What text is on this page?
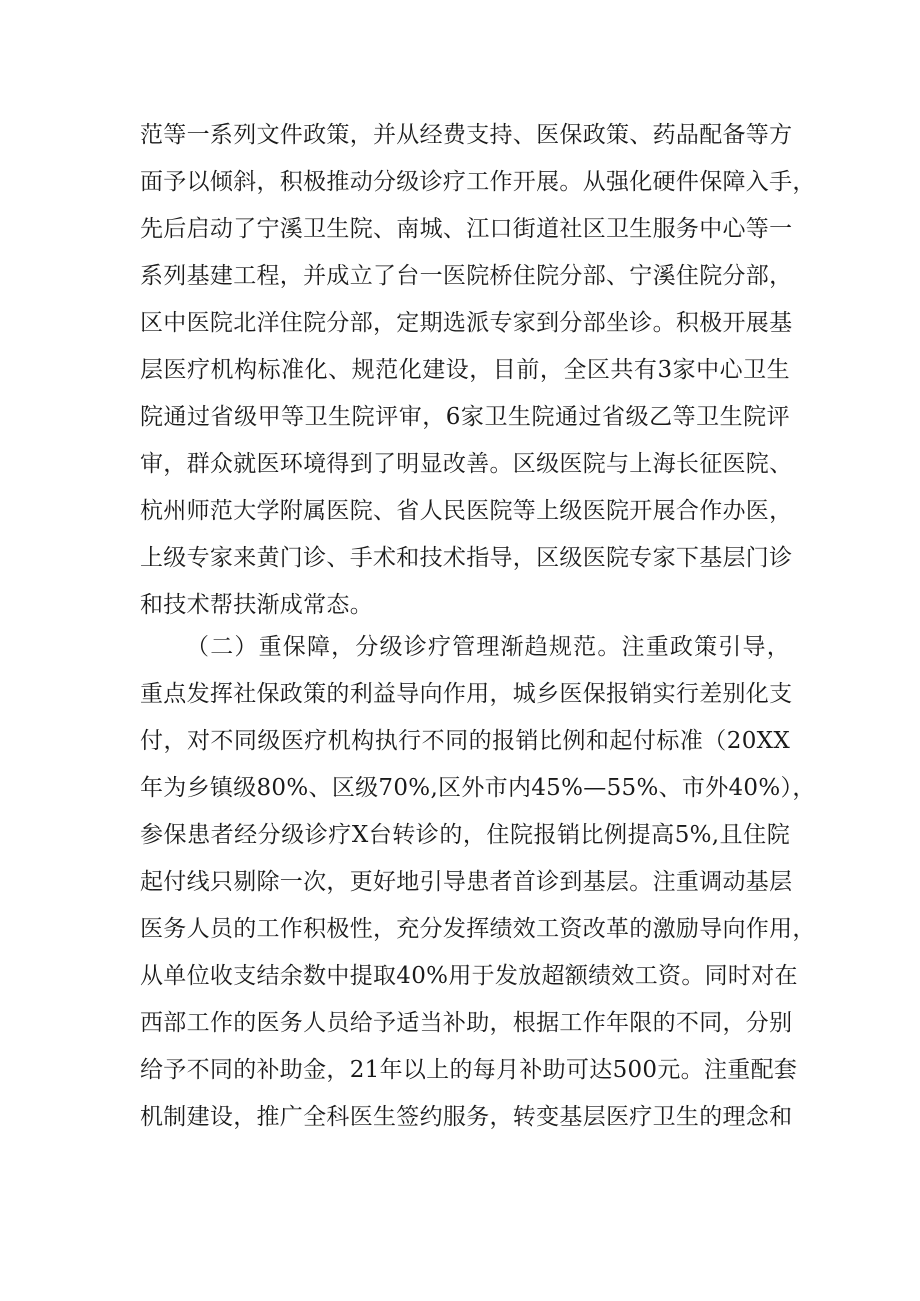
范等一系列文件政策，并从经费支持、医保政策、药品配备等方
面予以倾斜，积极推动分级诊疗工作开展。从强化硬件保障入手，
先后启动了宁溪卫生院、南城、江口街道社区卫生服务中心等一
系列基建工程，并成立了台一医院桥住院分部、宁溪住院分部，
区中医院北洋住院分部，定期选派专家到分部坐诊。积极开展基
层医疗机构标准化、规范化建设，目前，全区共有3家中心卫生
院通过省级甲等卫生院评审，6家卫生院通过省级乙等卫生院评
审，群众就医环境得到了明显改善。区级医院与上海长征医院、
杭州师范大学附属医院、省人民医院等上级医院开展合作办医，
上级专家来黄门诊、手术和技术指导，区级医院专家下基层门诊
和技术帮扶渐成常态。
（二）重保障，分级诊疗管理渐趋规范。注重政策引导，
重点发挥社保政策的利益导向作用，城乡医保报销实行差别化支
付，对不同级医疗机构执行不同的报销比例和起付标准（20XX
年为乡镇级80%、区级70%,区外市内45%—55%、市外40%），
参保患者经分级诊疗X台转诊的，住院报销比例提高5%,且住院
起付线只剔除一次，更好地引导患者首诊到基层。注重调动基层
医务人员的工作积极性，充分发挥绩效工资改革的激励导向作用，
从单位收支结余数中提取40%用于发放超额绩效工资。同时对在
西部工作的医务人员给予适当补助，根据工作年限的不同，分别
给予不同的补助金，21年以上的每月补助可达500元。注重配套
机制建设，推广全科医生签约服务，转变基层医疗卫生的理念和
